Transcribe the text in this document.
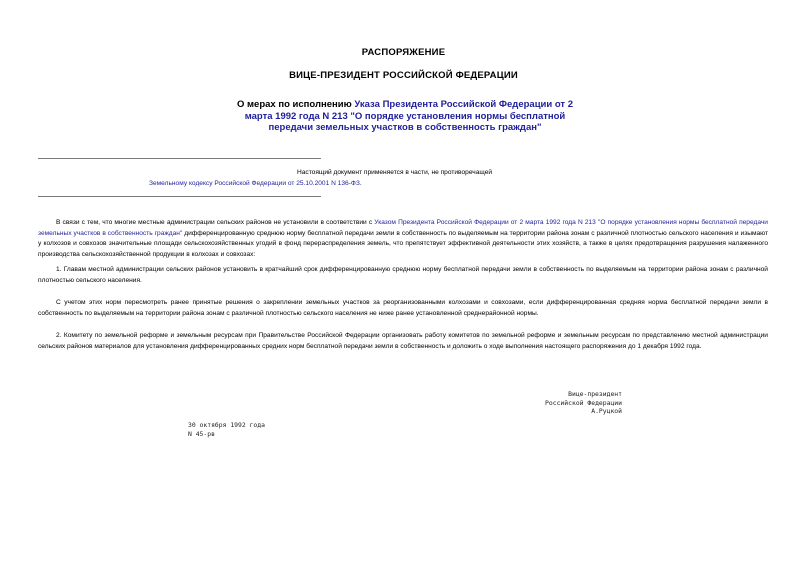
РАСПОРЯЖЕНИЕ
ВИЦЕ-ПРЕЗИДЕНТ РОССИЙСКОЙ ФЕДЕРАЦИИ
О мерах по исполнению Указа Президента Российской Федерации от 2 марта 1992 года N 213 "О порядке установления нормы бесплатной передачи земельных участков в собственность граждан"
Настоящий документ применяется в части, не противоречащей
Земельному кодексу Российской Федерации от 25.10.2001 N 136-ФЗ.

В связи с тем, что многие местные администрации сельских районов не установили в соответствии с Указом Президента Российской Федерации от 2 марта 1992 года N 213 "О порядке установления нормы бесплатной передачи земельных участков в собственность граждан" дифференцированную среднюю норму бесплатной передачи земли в собственность по выделяемым на территории района зонам с различной плотностью сельского населения и изымают у колхозов и совхозов значительные площади сельскохозяйственных угодий в фонд перераспределения земель, что препятствует эффективной деятельности этих хозяйств, а также в целях предотвращения разрушения налаженного производства сельскохозяйственной продукции в колхозах и совхозах:

1. Главам местной администрации сельских районов установить в кратчайший срок дифференцированную среднюю норму бесплатной передачи земли в собственность по выделяемым на территории района зонам с различной плотностью сельского населения.

С учетом этих норм пересмотреть ранее принятые решения о закреплении земельных участков за реорганизованными колхозами и совхозами, если дифференцированная средняя норма бесплатной передачи земли в собственность по выделяемым на территории района зонам с различной плотностью сельского населения не ниже ранее установленной среднерайонной нормы.

2. Комитету по земельной реформе и земельным ресурсам при Правительстве Российской Федерации организовать работу комитетов по земельной реформе и земельным ресурсам по представлению местной администрации сельских районов материалов для установления дифференцированных средних норм бесплатной передачи земли в собственность и доложить о ходе выполнения настоящего распоряжения до 1 декабря 1992 года.

Вице-президент
Российской Федерации
А.Руцкой
30 октября 1992 года
N 45-рв
